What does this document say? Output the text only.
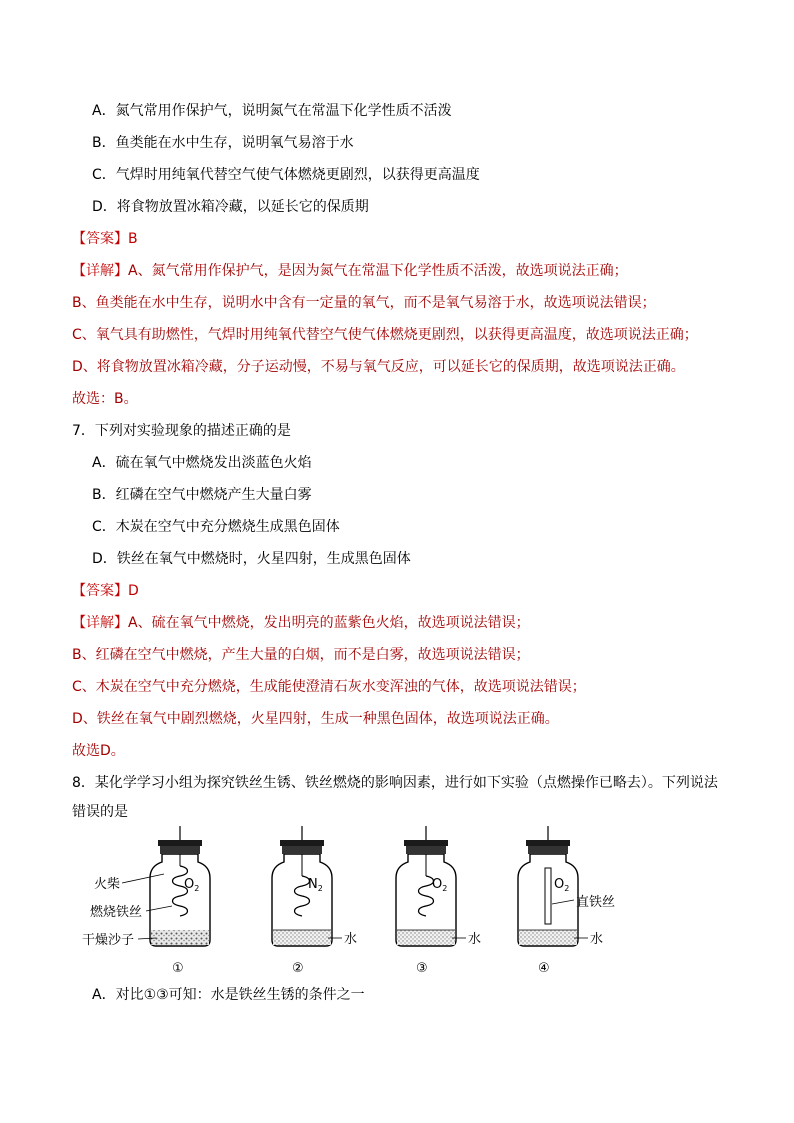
A．氮气常用作保护气，说明氮气在常温下化学性质不活泼
B．鱼类能在水中生存，说明氧气易溶于水
C．气焊时用纯氧代替空气使气体燃烧更剧烈，以获得更高温度
D．将食物放置冰箱冷藏，以延长它的保质期
【答案】B
【详解】A、氮气常用作保护气，是因为氮气在常温下化学性质不活泼，故选项说法正确；
B、鱼类能在水中生存，说明水中含有一定量的氧气，而不是氧气易溶于水，故选项说法错误；
C、氧气具有助燃性，气焊时用纯氧代替空气使气体燃烧更剧烈，以获得更高温度，故选项说法正确；
D、将食物放置冰箱冷藏，分子运动慢，不易与氧气反应，可以延长它的保质期，故选项说法正确。
故选：B。
7．下列对实验现象的描述正确的是
A．硫在氧气中燃烧发出淡蓝色火焰
B．红磷在空气中燃烧产生大量白雾
C．木炭在空气中充分燃烧生成黑色固体
D．铁丝在氧气中燃烧时，火星四射，生成黑色固体
【答案】D
【详解】A、硫在氧气中燃烧，发出明亮的蓝紫色火焰，故选项说法错误；
B、红磷在空气中燃烧，产生大量的白烟，而不是白雾，故选项说法错误；
C、木炭在空气中充分燃烧，生成能使澄清石灰水变浑浊的气体，故选项说法错误；
D、铁丝在氧气中剧烈燃烧，火星四射，生成一种黑色固体，故选项说法正确。
故选D。
8．某化学学习小组为探究铁丝生锈、铁丝燃烧的影响因素，进行如下实验（点燃操作已略去）。下列说法
错误的是
火柴
燃烧铁丝
干燥沙子
$O_2$
①
$N_2$
水
②
$O_2$
水
③
$O_2$
直铁丝
水
④
A．对比①③可知：水是铁丝生锈的条件之一
